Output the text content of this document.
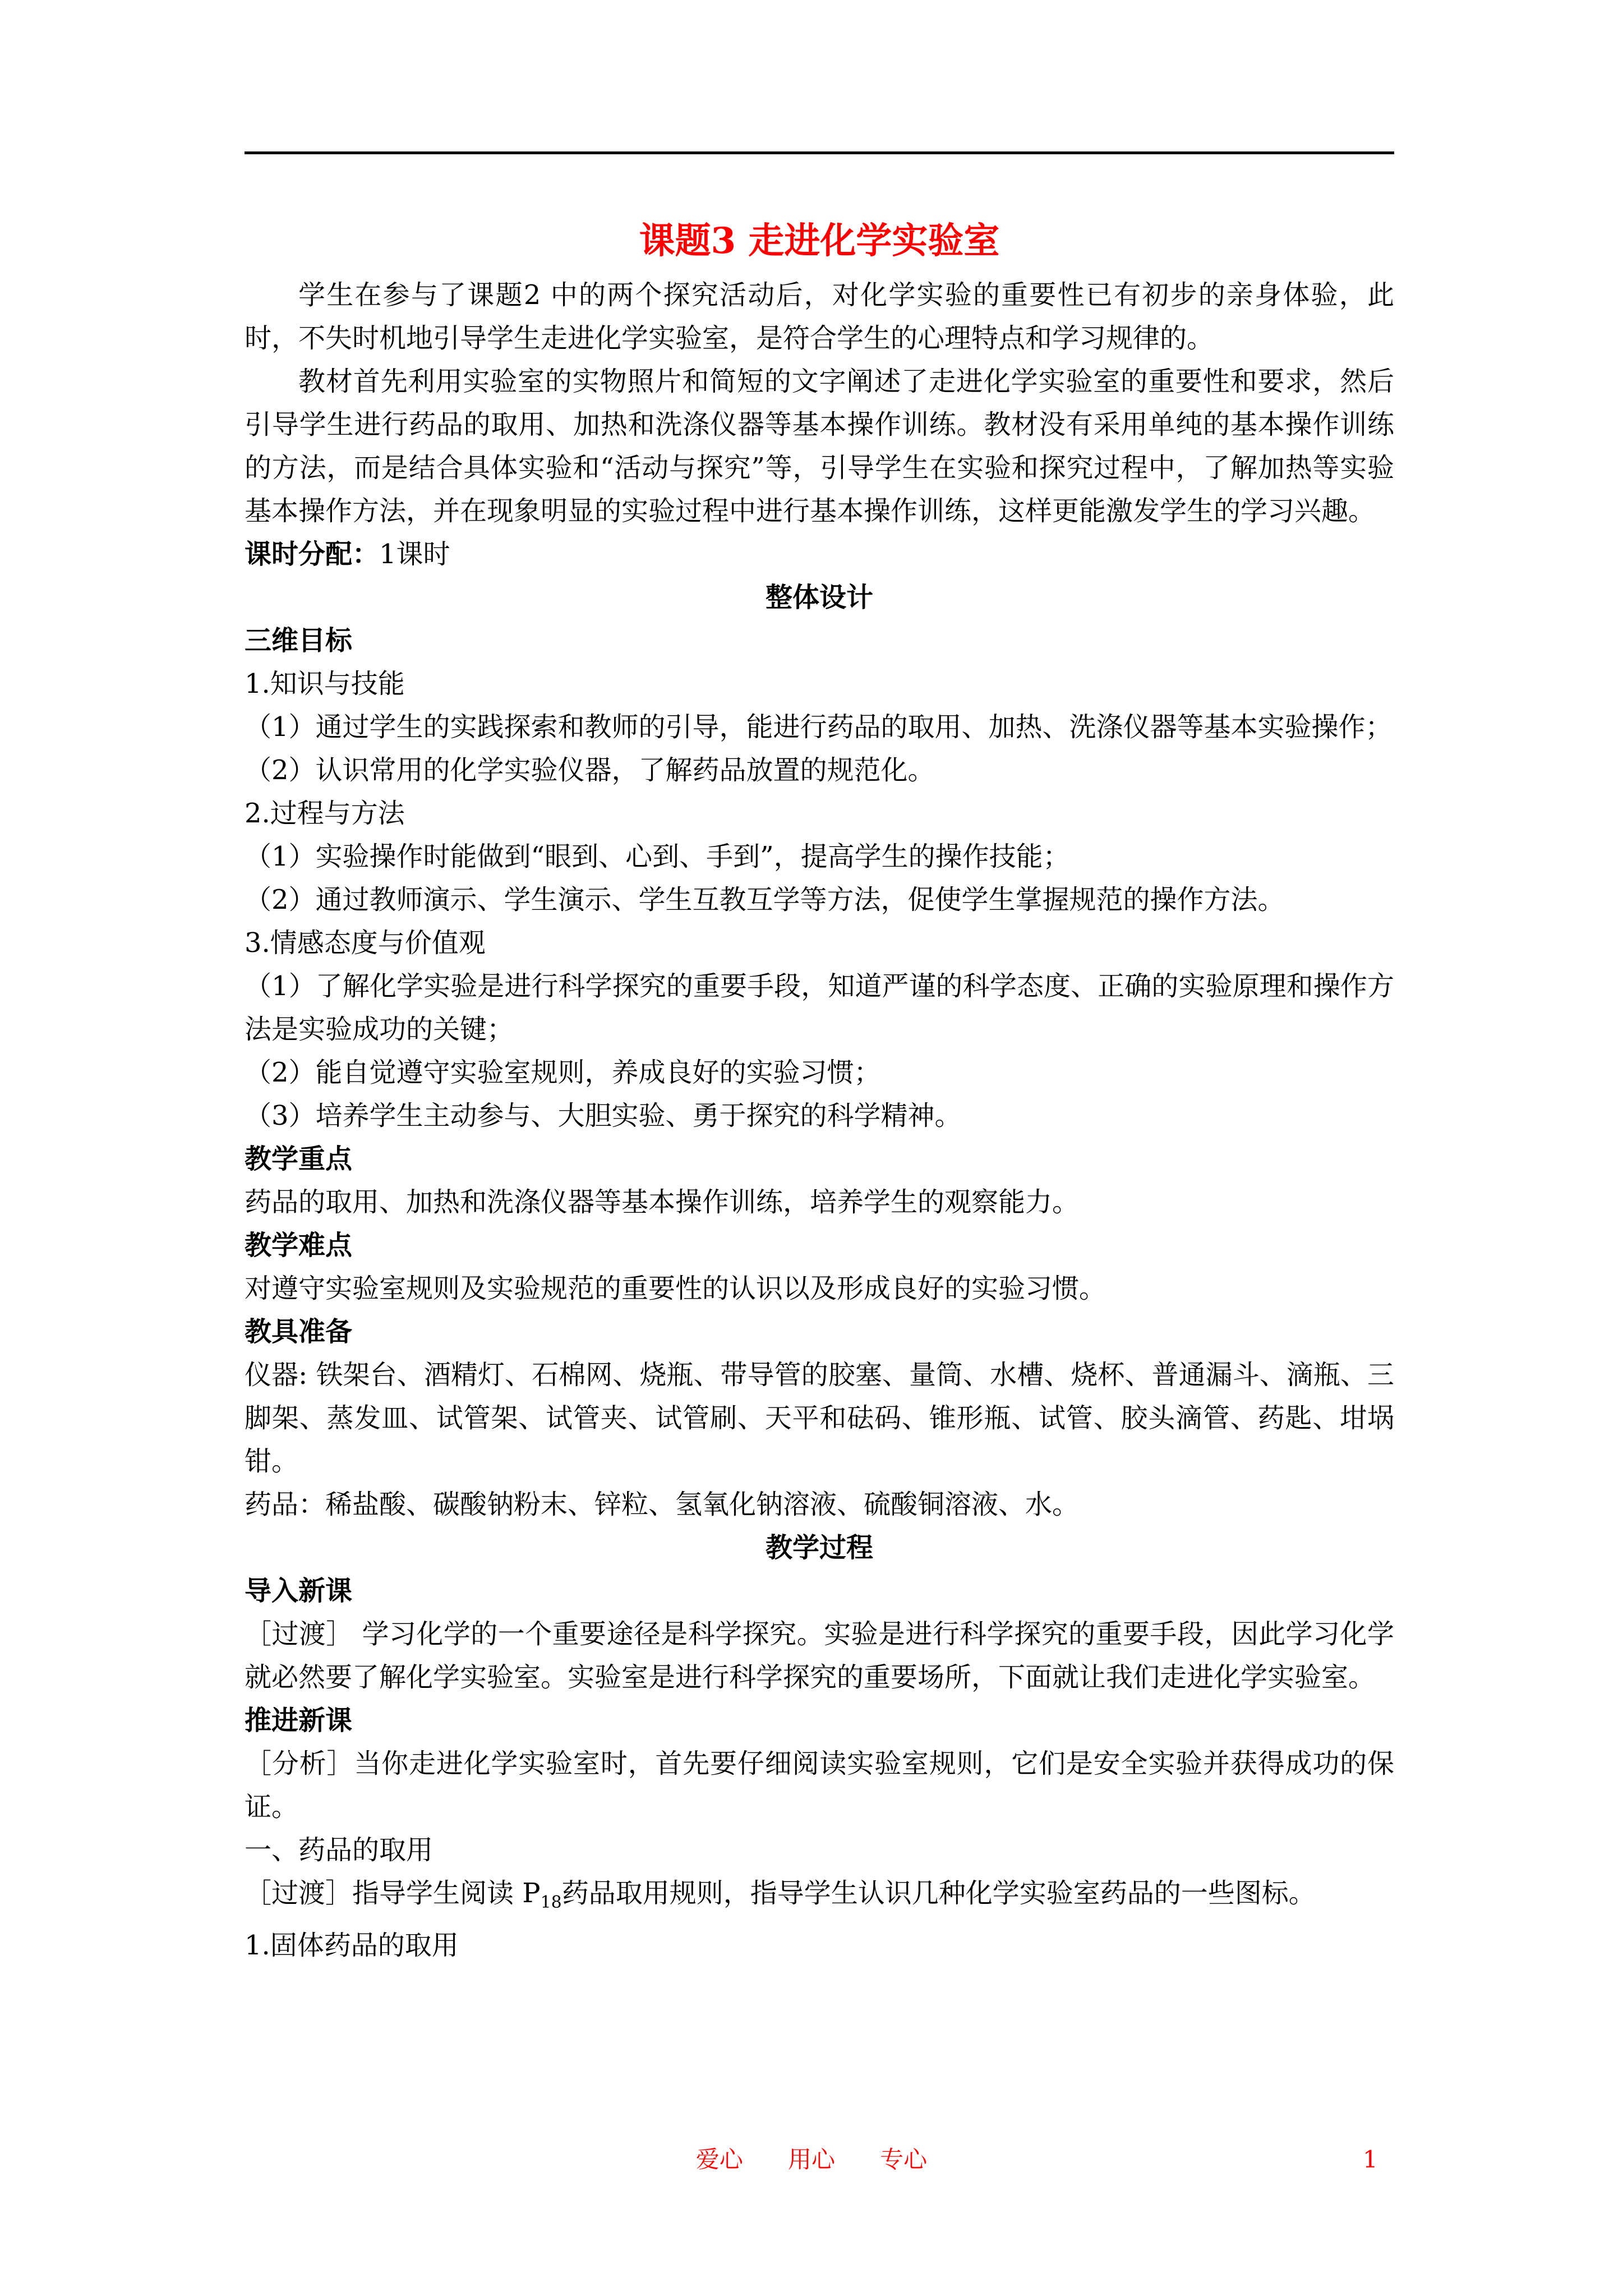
课题3 走进化学实验室

学生在参与了课题2 中的两个探究活动后，对化学实验的重要性已有初步的亲身体验，此时，不失时机地引导学生走进化学实验室，是符合学生的心理特点和学习规律的。

教材首先利用实验室的实物照片和简短的文字阐述了走进化学实验室的重要性和要求，然后引导学生进行药品的取用、加热和洗涤仪器等基本操作训练。教材没有采用单纯的基本操作训练的方法，而是结合具体实验和“活动与探究”等，引导学生在实验和探究过程中，了解加热等实验基本操作方法，并在现象明显的实验过程中进行基本操作训练，这样更能激发学生的学习兴趣。

课时分配：1课时

整体设计

三维目标

1.知识与技能

（1）通过学生的实践探索和教师的引导，能进行药品的取用、加热、洗涤仪器等基本实验操作；

（2）认识常用的化学实验仪器，了解药品放置的规范化。

2.过程与方法

（1）实验操作时能做到“眼到、心到、手到”，提高学生的操作技能；

（2）通过教师演示、学生演示、学生互教互学等方法，促使学生掌握规范的操作方法。

3.情感态度与价值观

（1）了解化学实验是进行科学探究的重要手段，知道严谨的科学态度、正确的实验原理和操作方法是实验成功的关键；

（2）能自觉遵守实验室规则，养成良好的实验习惯；

（3）培养学生主动参与、大胆实验、勇于探究的科学精神。

教学重点

药品的取用、加热和洗涤仪器等基本操作训练，培养学生的观察能力。

教学难点

对遵守实验室规则及实验规范的重要性的认识以及形成良好的实验习惯。

教具准备

仪器: 铁架台、酒精灯、石棉网、烧瓶、带导管的胶塞、量筒、水槽、烧杯、普通漏斗、滴瓶、三脚架、蒸发皿、试管架、试管夹、试管刷、天平和砝码、锥形瓶、试管、胶头滴管、药匙、坩埚钳。

药品：稀盐酸、碳酸钠粉末、锌粒、氢氧化钠溶液、硫酸铜溶液、水。

教学过程

导入新课

［过渡］ 学习化学的一个重要途径是科学探究。实验是进行科学探究的重要手段，因此学习化学就必然要了解化学实验室。实验室是进行科学探究的重要场所，下面就让我们走进化学实验室。

推进新课

［分析］当你走进化学实验室时，首先要仔细阅读实验室规则，它们是安全实验并获得成功的保证。

一、药品的取用

［过渡］指导学生阅读 $P_{18}$药品取用规则，指导学生认识几种化学实验室药品的一些图标。

1.固体药品的取用

爱心      用心      专心	1
